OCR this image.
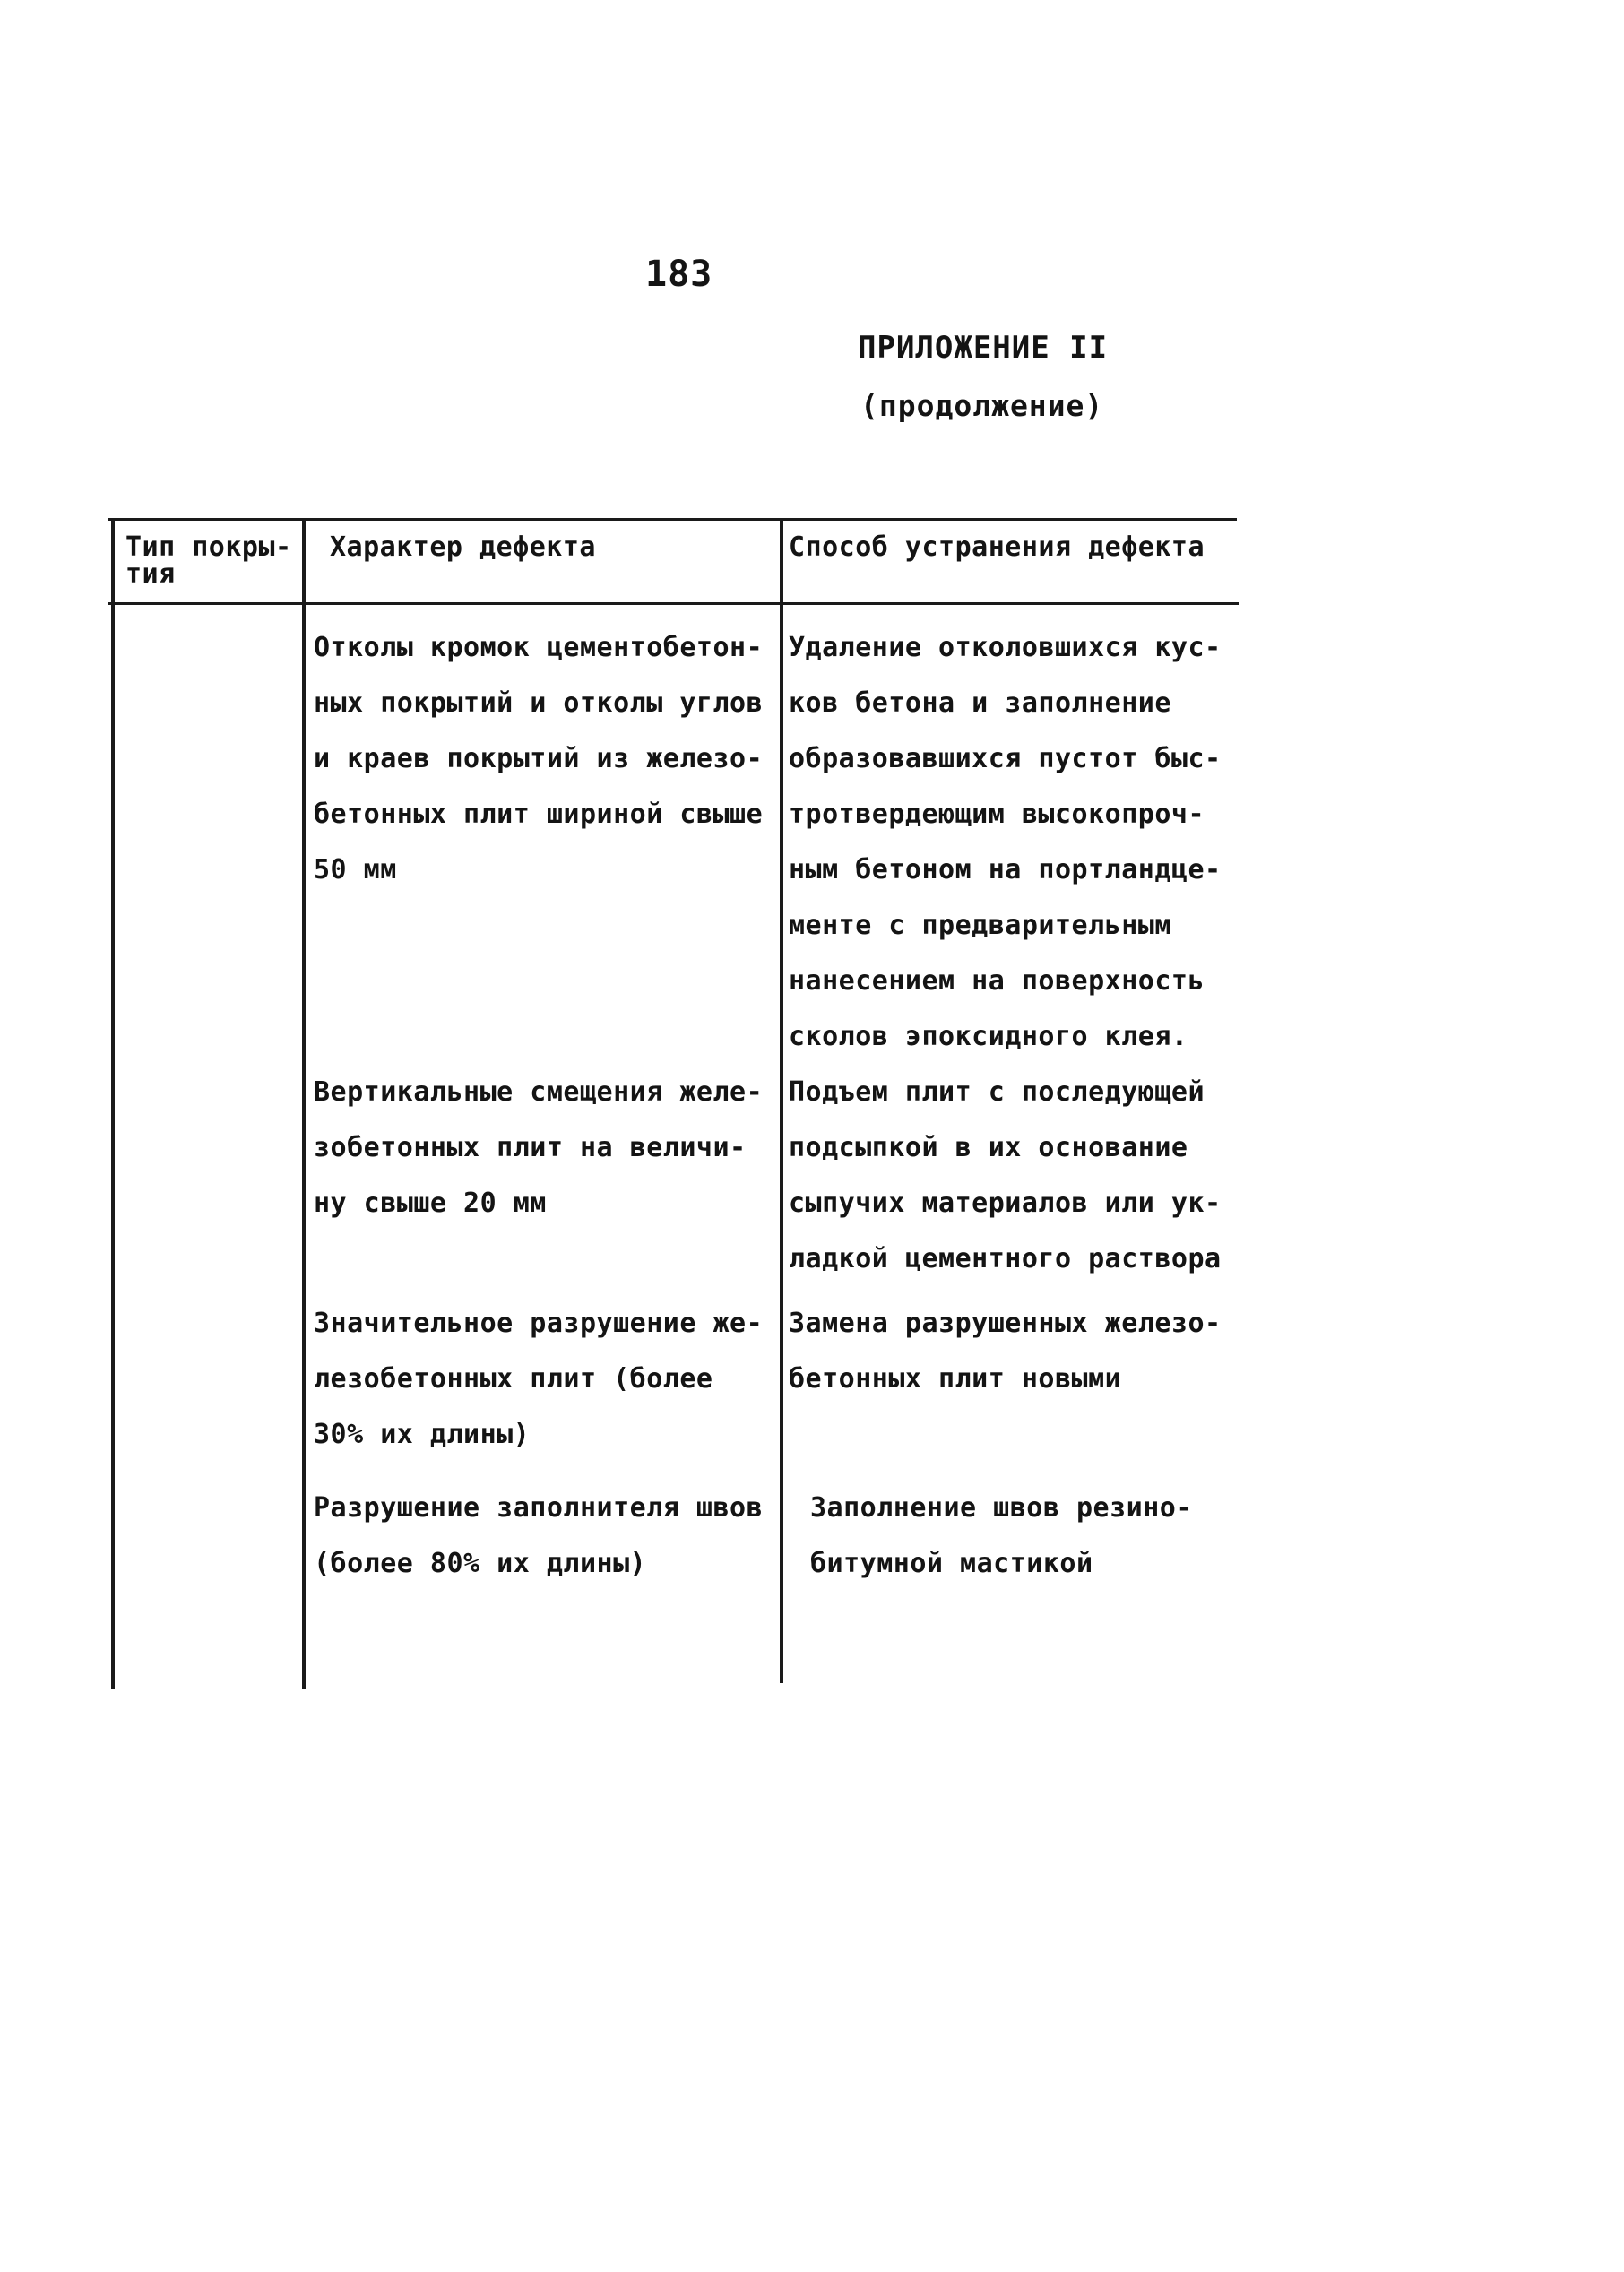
183
ПРИЛОЖЕНИЕ II
(продолжение)
Тип покры-
тия
Характер дефекта	Способ устранения дефекта
Отколы кромок цементобетон-
ных покрытий и отколы углов
и краев покрытий из железо-
бетонных плит шириной свыше
50 мм
Удаление отколовшихся кус-
ков бетона и заполнение
образовавшихся пустот быс-
тротвердеющим высокопроч-
ным бетоном на портландце-
менте с предварительным
нанесением на поверхность
сколов эпоксидного клея.
Вертикальные смещения желе-
зобетонных плит на величи-
ну свыше 20 мм
Подъем плит с последующей
подсыпкой в их основание
сыпучих материалов или ук-
ладкой цементного раствора
Значительное разрушение же-
лезобетонных плит (более
30% их длины)
Замена разрушенных железо-
бетонных плит новыми
Разрушение заполнителя швов
(более 80% их длины)
Заполнение швов резино-
битумной мастикой
